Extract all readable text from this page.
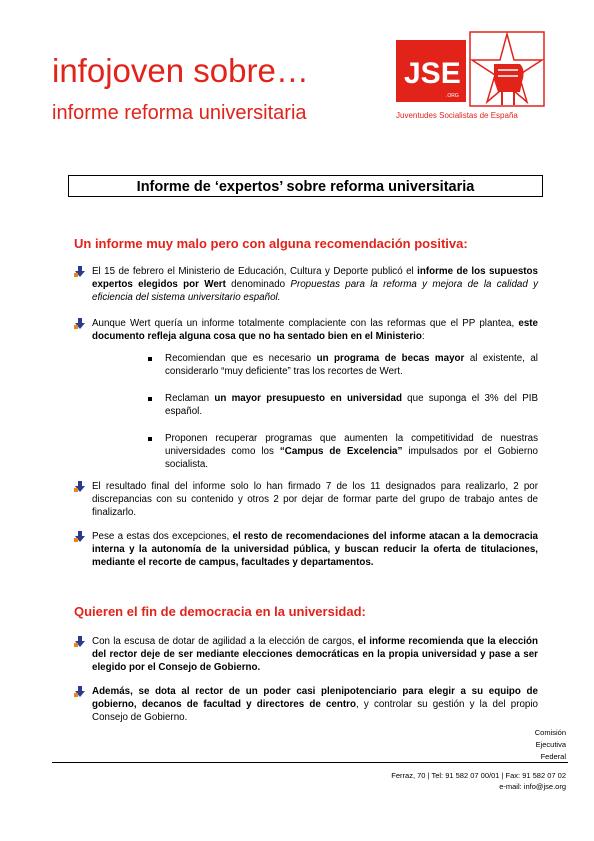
infojoven sobre…
informe reforma universitaria
JSE
.ORG
Juventudes Socialistas de España
Informe de ‘expertos’ sobre reforma universitaria
Un informe muy malo pero con alguna recomendación positiva:

El 15 de febrero el Ministerio de Educación, Cultura y Deporte publicó el informe de los supuestos expertos elegidos por Wert denominado Propuestas para la reforma y mejora de la calidad y eficiencia del sistema universitario español.

Aunque Wert quería un informe totalmente complaciente con las reformas que el PP plantea, este documento refleja alguna cosa que no ha sentado bien en el Ministerio:

Recomiendan que es necesario un programa de becas mayor al existente, al considerarlo “muy deficiente” tras los recortes de Wert.

Reclaman un mayor presupuesto en universidad que suponga el 3% del PIB español.

Proponen recuperar programas que aumenten la competitividad de nuestras universidades como los “Campus de Excelencia” impulsados por el Gobierno socialista.

El resultado final del informe solo lo han firmado 7 de los 11 designados para realizarlo, 2 por discrepancias con su contenido y otros 2 por dejar de formar parte del grupo de trabajo antes de finalizarlo.

Pese a estas dos excepciones, el resto de recomendaciones del informe atacan a la democracia interna y la autonomía de la universidad pública, y buscan reducir la oferta de titulaciones, mediante el recorte de campus, facultades y departamentos.

Quieren el fin de democracia en la universidad:

Con la escusa de dotar de agilidad a la elección de cargos, el informe recomienda que la elección del rector deje de ser mediante elecciones democráticas en la propia universidad y pase a ser elegido por el Consejo de Gobierno.

Además, se dota al rector de un poder casi plenipotenciario para elegir a su equipo de gobierno, decanos de facultad y directores de centro, y controlar su gestión y la del propio Consejo de Gobierno.

Comisión
Ejecutiva
Federal

Ferraz, 70 | Tel: 91 582 07 00/01 | Fax: 91 582 07 02

e-mail: info@jse.org
